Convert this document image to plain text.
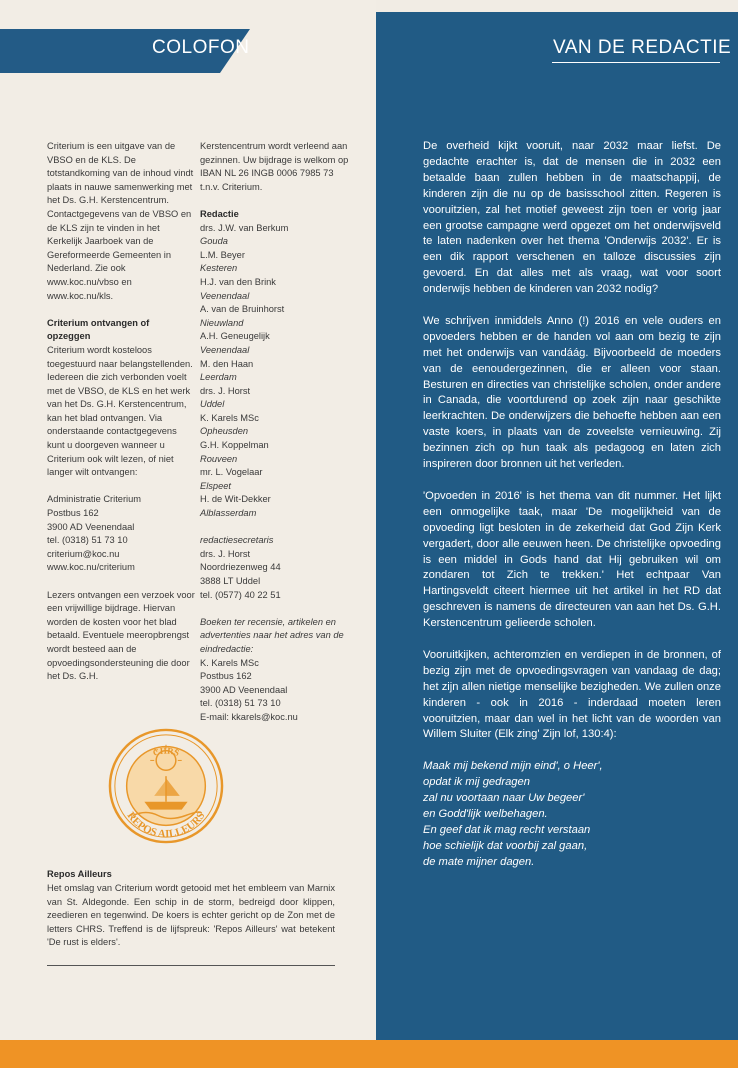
COLOFON	VAN DE REDACTIE

Criterium is een uitgave van de VBSO en de KLS. De totstandkoming van de inhoud vindt plaats in nauwe samenwerking met het Ds. G.H. Kerstencentrum. Contactgegevens van de VBSO en de KLS zijn te vinden in het Kerkelijk Jaarboek van de Gereformeerde Gemeenten in Nederland. Zie ook www.koc.nu/vbso en www.koc.nu/kls.

Criterium ontvangen of opzeggen

Criterium wordt kosteloos toegestuurd naar belangstellenden. Iedereen die zich verbonden voelt met de VBSO, de KLS en het werk van het Ds. G.H. Kerstencentrum, kan het blad ontvangen. Via onderstaande contactgegevens kunt u doorgeven wanneer u Criterium ook wilt lezen, of niet langer wilt ontvangen:

Administratie Criterium

Postbus 162

3900 AD Veenendaal

tel. (0318) 51 73 10

criterium@koc.nu

www.koc.nu/criterium

Lezers ontvangen een verzoek voor een vrijwillige bijdrage. Hiervan worden de kosten voor het blad betaald. Eventuele meeropbrengst wordt besteed aan de opvoedingsondersteuning die door het Ds. G.H.

Kerstencentrum wordt verleend aan gezinnen. Uw bijdrage is welkom op IBAN NL 26 INGB 0006 7985 73 t.n.v. Criterium.

Redactie

drs. J.W. van Berkum

Gouda

L.M. Beyer

Kesteren

H.J. van den Brink

Veenendaal

A. van de Bruinhorst

Nieuwland

A.H. Geneugelijk

Veenendaal

M. den Haan

Leerdam

drs. J. Horst

Uddel

K. Karels MSc

Opheusden

G.H. Koppelman

Rouveen

mr. L. Vogelaar

Elspeet

H. de Wit-Dekker

Alblasserdam

redactiesecretaris

drs. J. Horst

Noordriezenweg 44

3888 LT Uddel

tel. (0577) 40 22 51

Boeken ter recensie, artikelen en advertenties naar het adres van de eindredactie:

K. Karels MSc

Postbus 162

3900 AD Veenendaal

tel. (0318) 51 73 10

E-mail: kkarels@koc.nu

CHRS
REPOS AILLEURS
Repos Ailleurs
Het omslag van Criterium wordt getooid met het embleem van Marnix van St. Aldegonde. Een schip in de storm, bedreigd door klippen, zeedieren en tegenwind. De koers is echter gericht op de Zon met de letters CHRS. Treffend is de lijfspreuk: 'Repos Ailleurs' wat betekent 'De rust is elders'.

De overheid kijkt vooruit, naar 2032 maar liefst. De gedachte erachter is, dat de mensen die in 2032 een betaalde baan zullen hebben in de maatschappij, de kinderen zijn die nu op de basisschool zitten. Regeren is vooruitzien, zal het motief geweest zijn toen er vorig jaar een grootse campagne werd opgezet om het onderwijsveld te laten nadenken over het thema 'Onderwijs 2032'. Er is een dik rapport verschenen en talloze discussies zijn gevoerd. En dat alles met als vraag, wat voor soort onderwijs hebben de kinderen van 2032 nodig?

We schrijven inmiddels Anno (!) 2016 en vele ouders en opvoeders hebben er de handen vol aan om bezig te zijn met het onderwijs van vandáág. Bijvoorbeeld de moeders van de eenoudergezinnen, die er alleen voor staan. Besturen en directies van christelijke scholen, onder andere in Canada, die voortdurend op zoek zijn naar geschikte leerkrachten. De onderwijzers die behoefte hebben aan een vaste koers, in plaats van de zoveelste vernieuwing. Zij bezinnen zich op hun taak als pedagoog en laten zich inspireren door bronnen uit het verleden.

'Opvoeden in 2016' is het thema van dit nummer. Het lijkt een onmogelijke taak, maar 'De mogelijkheid van de opvoeding ligt besloten in de zekerheid dat God Zijn Kerk vergadert, door alle eeuwen heen. De christelijke opvoeding is een middel in Gods hand dat Hij gebruiken wil om zondaren tot Zich te trekken.' Het echtpaar Van Hartingsveldt citeert hiermee uit het artikel in het RD dat geschreven is namens de directeuren van aan het Ds. G.H. Kerstencentrum gelieerde scholen.

Vooruitkijken, achteromzien en verdiepen in de bronnen, of bezig zijn met de opvoedingsvragen van vandaag de dag; het zijn allen nietige menselijke bezigheden. We zullen onze kinderen - ook in 2016 - inderdaad moeten leren vooruitzien, maar dan wel in het licht van de woorden van Willem Sluiter (Elk zing' Zijn lof, 130:4):

Maak mij bekend mijn eind', o Heer',
opdat ik mij gedragen
zal nu voortaan naar Uw begeer'
en Godd'lijk welbehagen.
En geef dat ik mag recht verstaan
hoe schielijk dat voorbij zal gaan,
de mate mijner dagen.
